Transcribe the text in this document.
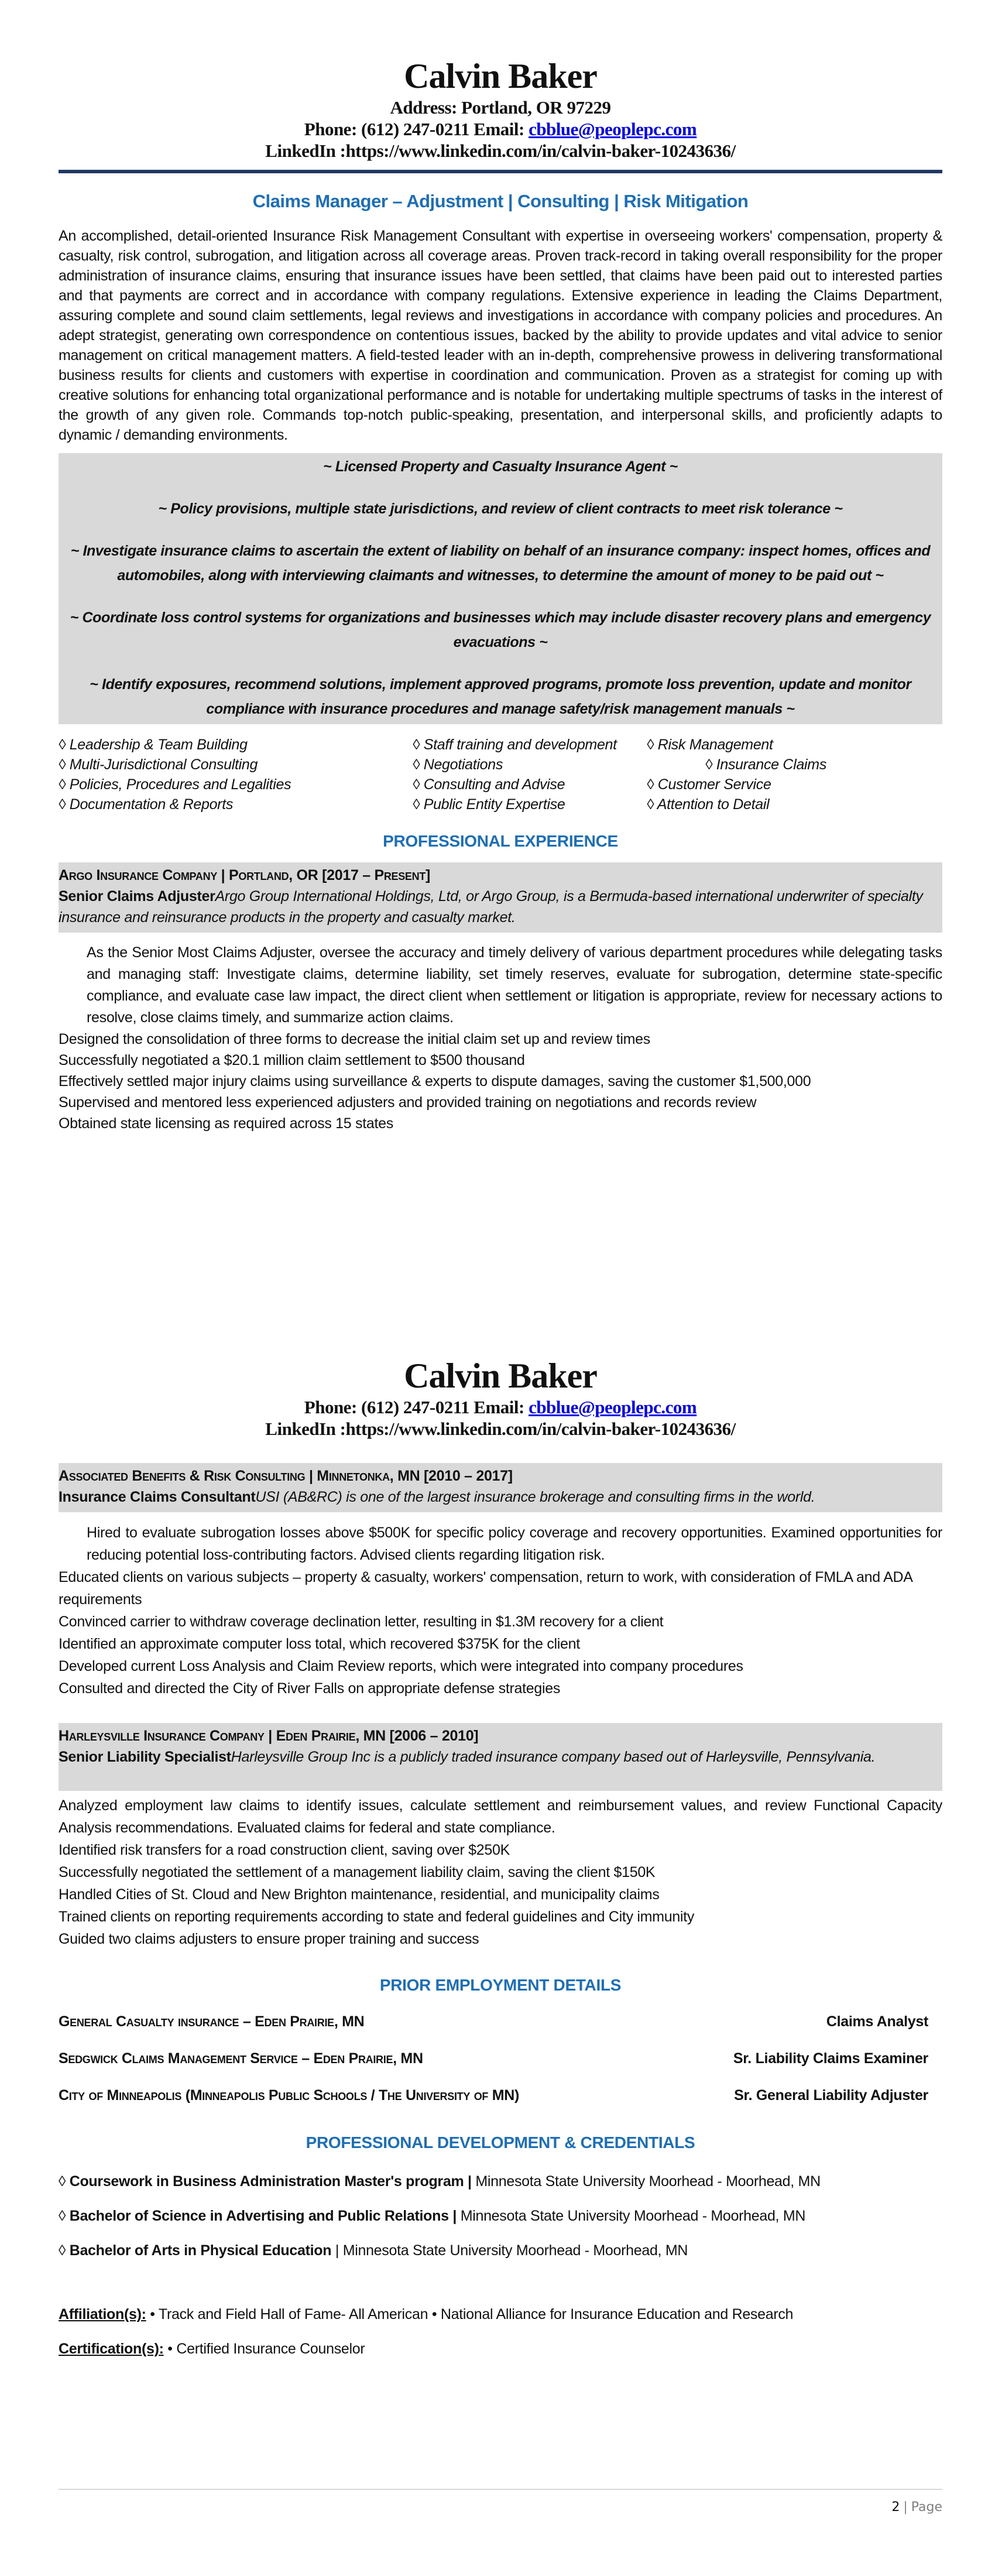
Calvin Baker
Address: Portland, OR 97229
Phone: (612) 247-0211 Email: cbblue@peoplepc.com
LinkedIn :https://www.linkedin.com/in/calvin-baker-10243636/
Claims Manager – Adjustment | Consulting | Risk Mitigation
An accomplished, detail-oriented Insurance Risk Management Consultant with expertise in overseeing workers' compensation, property & casualty, risk control, subrogation, and litigation across all coverage areas. Proven track-record in taking overall responsibility for the proper administration of insurance claims, ensuring that insurance issues have been settled, that claims have been paid out to interested parties and that payments are correct and in accordance with company regulations. Extensive experience in leading the Claims Department, assuring complete and sound claim settlements, legal reviews and investigations in accordance with company policies and procedures. An adept strategist, generating own correspondence on contentious issues, backed by the ability to provide updates and vital advice to senior management on critical management matters. A field-tested leader with an in-depth, comprehensive prowess in delivering transformational business results for clients and customers with expertise in coordination and communication. Proven as a strategist for coming up with creative solutions for enhancing total organizational performance and is notable for undertaking multiple spectrums of tasks in the interest of the growth of any given role. Commands top-notch public-speaking, presentation, and interpersonal skills, and proficiently adapts to dynamic / demanding environments.
~ Licensed Property and Casualty Insurance Agent ~
~ Policy provisions, multiple state jurisdictions, and review of client contracts to meet risk tolerance ~
~ Investigate insurance claims to ascertain the extent of liability on behalf of an insurance company: inspect homes, offices and automobiles, along with interviewing claimants and witnesses, to determine the amount of money to be paid out ~
~ Coordinate loss control systems for organizations and businesses which may include disaster recovery plans and emergency evacuations ~
~ Identify exposures, recommend solutions, implement approved programs, promote loss prevention, update and monitor compliance with insurance procedures and manage safety/risk management manuals ~
◊ Leadership & Team Building	◊ Staff training and development	◊ Risk Management
◊ Multi-Jurisdictional Consulting	◊ Negotiations	◊ Insurance Claims
◊ Policies, Procedures and Legalities	◊ Consulting and Advise	◊ Customer Service
◊ Documentation & Reports	◊ Public Entity Expertise	◊ Attention to Detail
PROFESSIONAL EXPERIENCE
Argo Insurance Company | Portland, OR [2017 – Present]
Senior Claims AdjusterArgo Group International Holdings, Ltd, or Argo Group, is a Bermuda-based international underwriter of specialty insurance and reinsurance products in the property and casualty market.
As the Senior Most Claims Adjuster, oversee the accuracy and timely delivery of various department procedures while delegating tasks and managing staff: Investigate claims, determine liability, set timely reserves, evaluate for subrogation, determine state-specific compliance, and evaluate case law impact, the direct client when settlement or litigation is appropriate, review for necessary actions to resolve, close claims timely, and summarize action claims.
Designed the consolidation of three forms to decrease the initial claim set up and review times
Successfully negotiated a $20.1 million claim settlement to $500 thousand
Effectively settled major injury claims using surveillance & experts to dispute damages, saving the customer $1,500,000
Supervised and mentored less experienced adjusters and provided training on negotiations and records review
Obtained state licensing as required across 15 states
Calvin Baker
Phone: (612) 247-0211 Email: cbblue@peoplepc.com
LinkedIn :https://www.linkedin.com/in/calvin-baker-10243636/
Associated Benefits & Risk Consulting | Minnetonka, MN [2010 – 2017]
Insurance Claims ConsultantUSI (AB&RC) is one of the largest insurance brokerage and consulting firms in the world.
Hired to evaluate subrogation losses above $500K for specific policy coverage and recovery opportunities. Examined opportunities for reducing potential loss-contributing factors. Advised clients regarding litigation risk.
Educated clients on various subjects – property & casualty, workers' compensation, return to work, with consideration of FMLA and ADA requirements
Convinced carrier to withdraw coverage declination letter, resulting in $1.3M recovery for a client
Identified an approximate computer loss total, which recovered $375K for the client
Developed current Loss Analysis and Claim Review reports, which were integrated into company procedures
Consulted and directed the City of River Falls on appropriate defense strategies
Harleysville Insurance Company | Eden Prairie, MN [2006 – 2010]
Senior Liability SpecialistHarleysville Group Inc is a publicly traded insurance company based out of Harleysville, Pennsylvania.
Analyzed employment law claims to identify issues, calculate settlement and reimbursement values, and review Functional Capacity Analysis recommendations. Evaluated claims for federal and state compliance.
Identified risk transfers for a road construction client, saving over $250K
Successfully negotiated the settlement of a management liability claim, saving the client $150K
Handled Cities of St. Cloud and New Brighton maintenance, residential, and municipality claims
Trained clients on reporting requirements according to state and federal guidelines and City immunity
Guided two claims adjusters to ensure proper training and success
PRIOR EMPLOYMENT DETAILS
General Casualty insurance – Eden Prairie, MN	Claims Analyst
Sedgwick Claims Management Service – Eden Prairie, MN	Sr. Liability Claims Examiner
City of Minneapolis (Minneapolis Public Schools / The University of MN)	Sr. General Liability Adjuster
PROFESSIONAL DEVELOPMENT & CREDENTIALS
◊ Coursework in Business Administration Master's program | Minnesota State University Moorhead - Moorhead, MN
◊ Bachelor of Science in Advertising and Public Relations | Minnesota State University Moorhead - Moorhead, MN
◊ Bachelor of Arts in Physical Education | Minnesota State University Moorhead - Moorhead, MN
Affiliation(s): • Track and Field Hall of Fame- All American • National Alliance for Insurance Education and Research
Certification(s): • Certified Insurance Counselor
2 | Page
